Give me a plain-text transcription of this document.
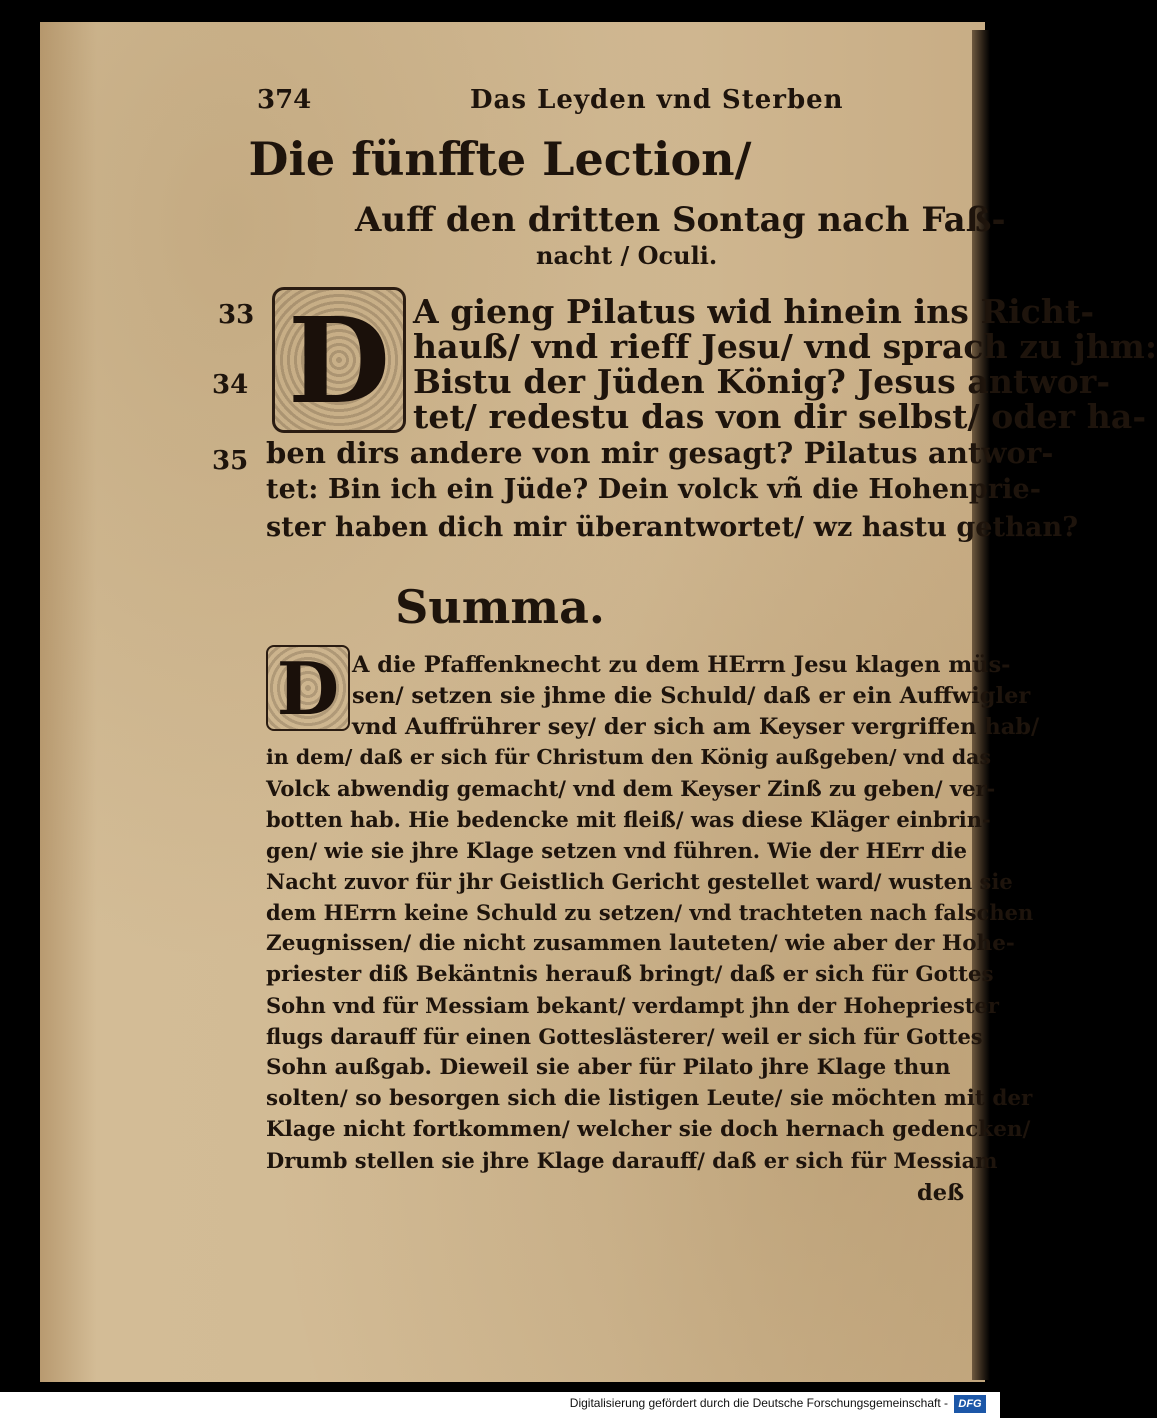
374	Das Leyden vnd Sterben
Die fünffte Lection/
Auff den dritten Sontag nach Faß-
nacht / Oculi.
D
33
34
35
A gieng Pilatus wid hinein ins Richt-
hauß/ vnd rieff Jesu/ vnd sprach zu jhm:
Bistu der Jüden König? Jesus antwor-
tet/ redestu das von dir selbst/ oder ha-
ben dirs andere von mir gesagt? Pilatus antwor-
tet: Bin ich ein Jüde? Dein volck vñ die Hohenprie-
ster haben dich mir überantwortet/ wz hastu gethan?
Summa.
D A die Pfaffenknecht zu dem HErrn Jesu klagen müs-
sen/ setzen sie jhme die Schuld/ daß er ein Auffwigler
vnd Auffrührer sey/ der sich am Keyser vergriffen hab/
in dem/ daß er sich für Christum den König außgeben/ vnd das
Volck abwendig gemacht/ vnd dem Keyser Zinß zu geben/ ver-
botten hab. Hie bedencke mit fleiß/ was diese Kläger einbrin-
gen/ wie sie jhre Klage setzen vnd führen. Wie der HErr die
Nacht zuvor für jhr Geistlich Gericht gestellet ward/ wusten sie
dem HErrn keine Schuld zu setzen/ vnd trachteten nach falschen
Zeugnissen/ die nicht zusammen lauteten/ wie aber der Hohe-
priester diß Bekäntnis herauß bringt/ daß er sich für Gottes
Sohn vnd für Messiam bekant/ verdampt jhn der Hohepriester
flugs darauff für einen Gotteslästerer/ weil er sich für Gottes
Sohn außgab. Dieweil sie aber für Pilato jhre Klage thun
solten/ so besorgen sich die listigen Leute/ sie möchten mit der
Klage nicht fortkommen/ welcher sie doch hernach gedencken/
Drumb stellen sie jhre Klage darauff/ daß er sich für Messiam
deß
Digitalisierung gefördert durch die Deutsche Forschungsgemeinschaft - DFG
